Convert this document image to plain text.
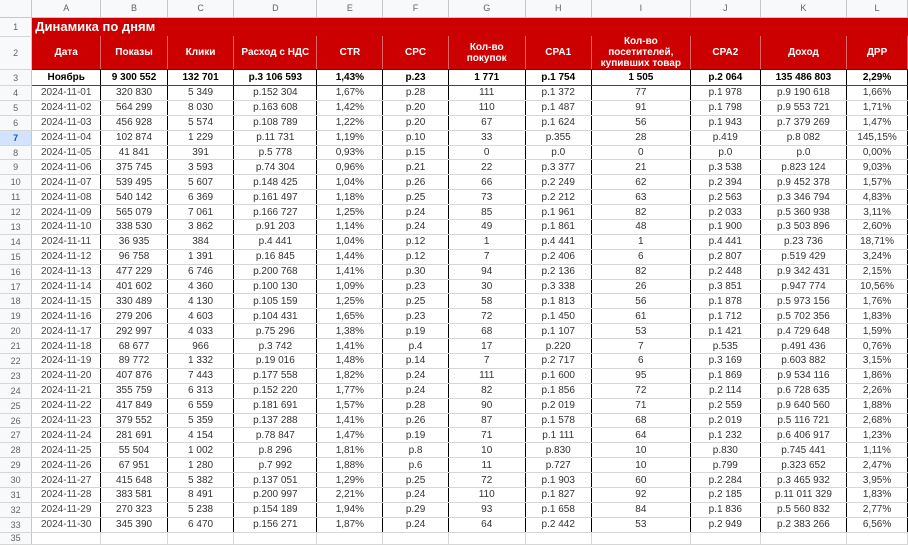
	A	B	C	D	E	F	G	H	I	J	K	L
1	Динамика по дням											
2	Дата	Показы	Клики	Расход с НДС	CTR	CPC	Кол-во покупок	CPA1	Кол-во посетителей, купивших товар	CPA2	Доход	ДРР
3	Ноябрь	9 300 552	132 701	р.3 106 593	1,43%	р.23	1 771	р.1 754	1 505	р.2 064	135 486 803	2,29%
4	2024-11-01	320 830	5 349	р.152 304	1,67%	р.28	111	р.1 372	77	р.1 978	р.9 190 618	1,66%
5	2024-11-02	564 299	8 030	р.163 608	1,42%	р.20	110	р.1 487	91	р.1 798	р.9 553 721	1,71%
6	2024-11-03	456 928	5 574	р.108 789	1,22%	р.20	67	р.1 624	56	р.1 943	р.7 379 269	1,47%
7	2024-11-04	102 874	1 229	р.11 731	1,19%	р.10	33	р.355	28	р.419	р.8 082	145,15%
8	2024-11-05	41 841	391	р.5 778	0,93%	р.15	0	р.0	0	р.0	р.0	0,00%
9	2024-11-06	375 745	3 593	р.74 304	0,96%	р.21	22	р.3 377	21	р.3 538	р.823 124	9,03%
10	2024-11-07	539 495	5 607	р.148 425	1,04%	р.26	66	р.2 249	62	р.2 394	р.9 452 378	1,57%
11	2024-11-08	540 142	6 369	р.161 497	1,18%	р.25	73	р.2 212	63	р.2 563	р.3 346 794	4,83%
12	2024-11-09	565 079	7 061	р.166 727	1,25%	р.24	85	р.1 961	82	р.2 033	р.5 360 938	3,11%
13	2024-11-10	338 530	3 862	р.91 203	1,14%	р.24	49	р.1 861	48	р.1 900	р.3 503 896	2,60%
14	2024-11-11	36 935	384	р.4 441	1,04%	р.12	1	р.4 441	1	р.4 441	р.23 736	18,71%
15	2024-11-12	96 758	1 391	р.16 845	1,44%	р.12	7	р.2 406	6	р.2 807	р.519 429	3,24%
16	2024-11-13	477 229	6 746	р.200 768	1,41%	р.30	94	р.2 136	82	р.2 448	р.9 342 431	2,15%
17	2024-11-14	401 602	4 360	р.100 130	1,09%	р.23	30	р.3 338	26	р.3 851	р.947 774	10,56%
18	2024-11-15	330 489	4 130	р.105 159	1,25%	р.25	58	р.1 813	56	р.1 878	р.5 973 156	1,76%
19	2024-11-16	279 206	4 603	р.104 431	1,65%	р.23	72	р.1 450	61	р.1 712	р.5 702 356	1,83%
20	2024-11-17	292 997	4 033	р.75 296	1,38%	р.19	68	р.1 107	53	р.1 421	р.4 729 648	1,59%
21	2024-11-18	68 677	966	р.3 742	1,41%	р.4	17	р.220	7	р.535	р.491 436	0,76%
22	2024-11-19	89 772	1 332	р.19 016	1,48%	р.14	7	р.2 717	6	р.3 169	р.603 882	3,15%
23	2024-11-20	407 876	7 443	р.177 558	1,82%	р.24	111	р.1 600	95	р.1 869	р.9 534 116	1,86%
24	2024-11-21	355 759	6 313	р.152 220	1,77%	р.24	82	р.1 856	72	р.2 114	р.6 728 635	2,26%
25	2024-11-22	417 849	6 559	р.181 691	1,57%	р.28	90	р.2 019	71	р.2 559	р.9 640 560	1,88%
26	2024-11-23	379 552	5 359	р.137 288	1,41%	р.26	87	р.1 578	68	р.2 019	р.5 116 721	2,68%
27	2024-11-24	281 691	4 154	р.78 847	1,47%	р.19	71	р.1 111	64	р.1 232	р.6 406 917	1,23%
28	2024-11-25	55 504	1 002	р.8 296	1,81%	р.8	10	р.830	10	р.830	р.745 441	1,11%
29	2024-11-26	67 951	1 280	р.7 992	1,88%	р.6	11	р.727	10	р.799	р.323 652	2,47%
30	2024-11-27	415 648	5 382	р.137 051	1,29%	р.25	72	р.1 903	60	р.2 284	р.3 465 932	3,95%
31	2024-11-28	383 581	8 491	р.200 997	2,21%	р.24	110	р.1 827	92	р.2 185	р.11 011 329	1,83%
32	2024-11-29	270 323	5 238	р.154 189	1,94%	р.29	93	р.1 658	84	р.1 836	р.5 560 832	2,77%
33	2024-11-30	345 390	6 470	р.156 271	1,87%	р.24	64	р.2 442	53	р.2 949	р.2 383 266	6,56%
35												
